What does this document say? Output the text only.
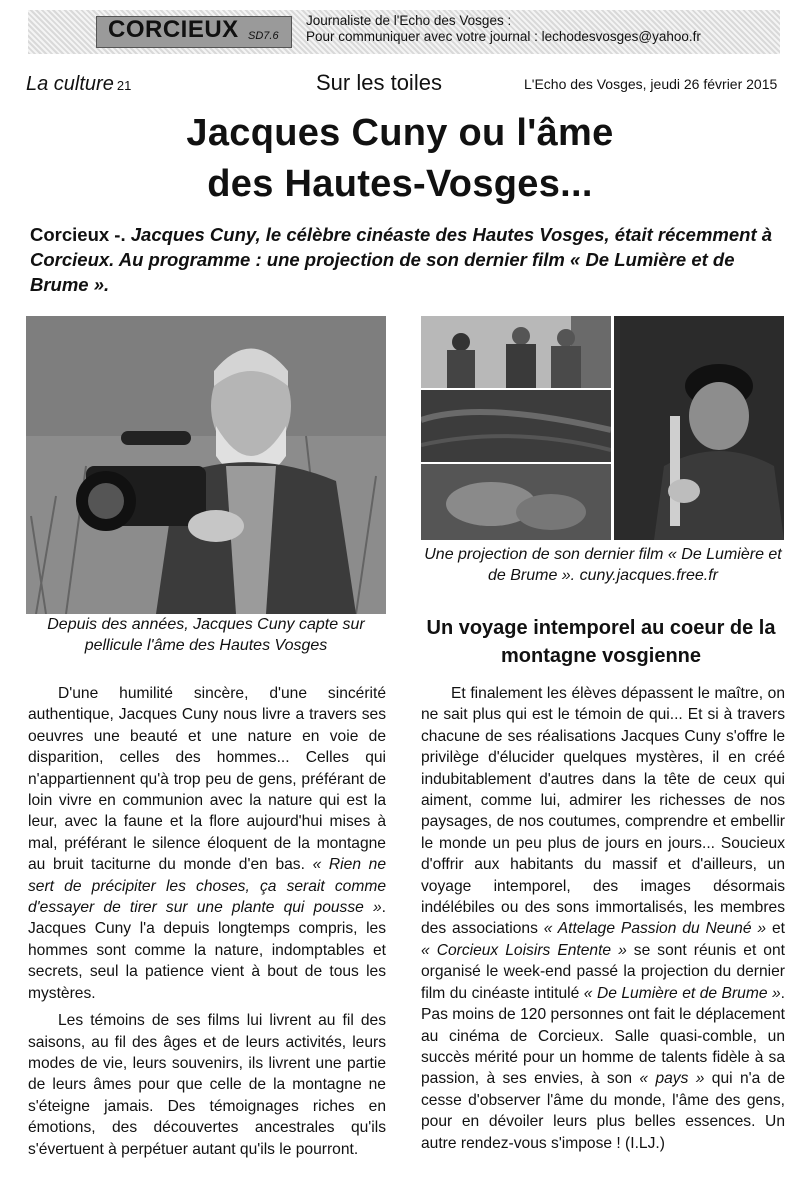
CORCIEUX SD7.6
Journaliste de l'Echo des Vosges :
Pour communiquer avec votre journal : lechodesvosges@yahoo.fr
La culture 21	Sur les toiles	L'Echo des Vosges, jeudi 26 février 2015
Jacques Cuny ou l'âme
des Hautes-Vosges...
Corcieux -. Jacques Cuny, le célèbre cinéaste des Hautes Vosges, était récemment à Corcieux. Au programme : une projection de son dernier film « De Lumière et de Brume ».
Depuis des années, Jacques Cuny capte sur pellicule l'âme des Hautes Vosges
Une projection de son dernier film « De Lumière et de Brume ». cuny.jacques.free.fr
Un voyage intemporel au coeur de la montagne vosgienne

D'une humilité sincère, d'une sincérité authentique, Jacques Cuny nous livre a travers ses oeuvres une beauté et une nature en voie de disparition, celles des hommes... Celles qui n'appartiennent qu'à trop peu de gens, préférant de loin vivre en communion avec la nature qui est la leur, avec la faune et la flore aujourd'hui mises à mal, préférant le silence éloquent de la montagne au bruit taciturne du monde d'en bas. « Rien ne sert de précipiter les choses, ça serait comme d'essayer de tirer sur une plante qui pousse ». Jacques Cuny l'a depuis longtemps compris, les hommes sont comme la nature, indomptables et secrets, seul la patience vient à bout de tous les mystères.

Les témoins de ses films lui livrent au fil des saisons, au fil des âges et de leurs activités, leurs modes de vie, leurs souvenirs, ils livrent une partie de leurs âmes pour que celle de la montagne ne s'éteigne jamais. Des témoignages riches en émotions, des découvertes ancestrales qu'ils s'évertuent à perpétuer autant qu'ils le pourront.

Et finalement les élèves dépassent le maître, on ne sait plus qui est le témoin de qui... Et si à travers chacune de ses réalisations Jacques Cuny s'offre le privilège d'élucider quelques mystères, il en créé indubitablement d'autres dans la tête de ceux qui aiment, comme lui, admirer les richesses de nos paysages, de nos coutumes, comprendre et embellir le monde un peu plus de jours en jours... Soucieux d'offrir aux habitants du massif et d'ailleurs, un voyage intemporel, des images désormais indélébiles ou des sons immortalisés, les membres des associations « Attelage Passion du Neuné » et « Corcieux Loisirs Entente » se sont réunis et ont organisé le week-end passé la projection du dernier film du cinéaste intitulé « De Lumière et de Brume ». Pas moins de 120 personnes ont fait le déplacement au cinéma de Corcieux. Salle quasi-comble, un succès mérité pour un homme de talents fidèle à sa passion, à ses envies, à son « pays » qui n'a de cesse d'observer l'âme du monde, l'âme des gens, pour en dévoiler leurs plus belles essences. Un autre rendez-vous s'impose ! (I.LJ.)
